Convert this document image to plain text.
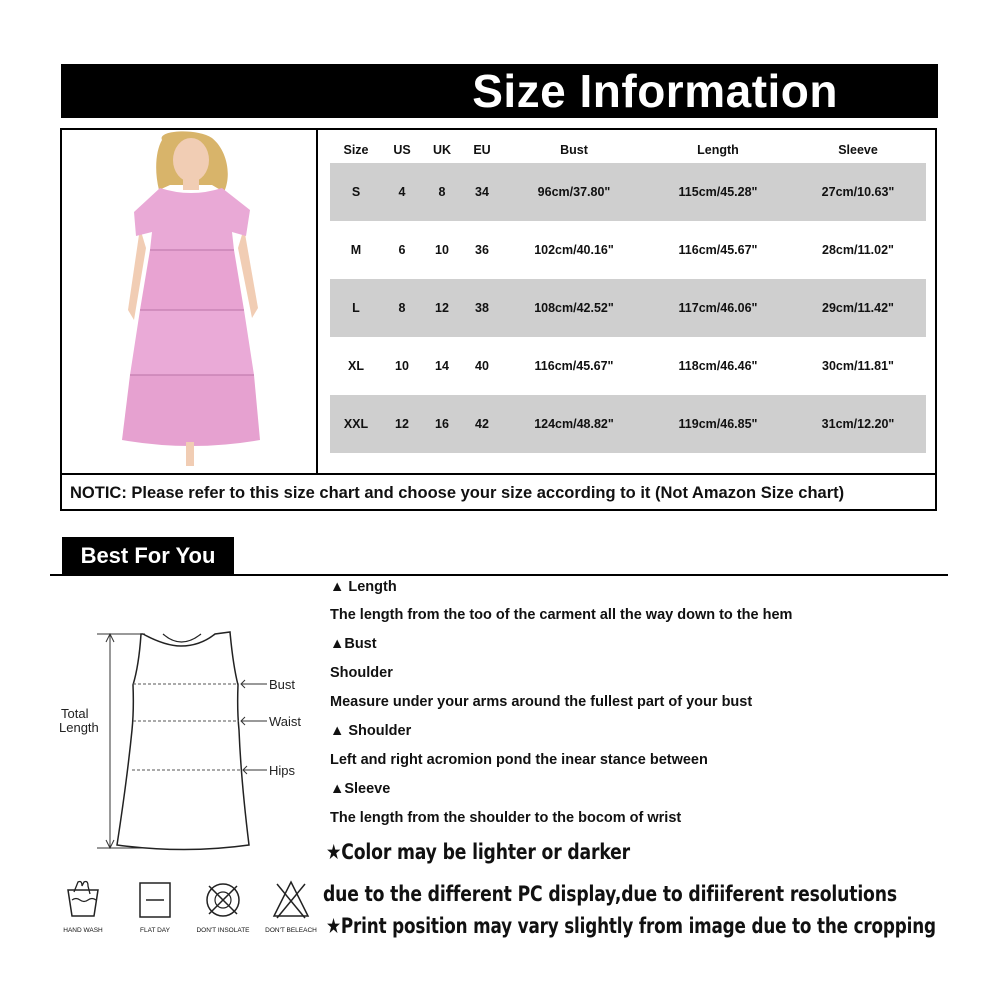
Size Information
NOTIC: Please refer to this size chart and choose your size according to it (Not Amazon Size chart)
Size	US	UK	EU	Bust	Length	Sleeve
S	4	8	34	96cm/37.80"	115cm/45.28"	27cm/10.63"
M	6	10	36	102cm/40.16"	116cm/45.67"	28cm/11.02"
L	8	12	38	108cm/42.52"	117cm/46.06"	29cm/11.42"
XL	10	14	40	116cm/45.67"	118cm/46.46"	30cm/11.81"
XXL	12	16	42	124cm/48.82"	119cm/46.85"	31cm/12.20"
Best For You
Total
Length
Bust
Waist
Hips
▲ Length
The length from the too of the carment all the way down to the hem
▲Bust
Shoulder
Measure under your arms around the fullest part of your bust
▲ Shoulder
Left and right acromion pond the inear stance between
▲Sleeve
The length from the shoulder to the bocom of wrist
★Color may be lighter or darker
due to the different PC display,due to difiiferent resolutions
★Print position may vary slightly from image due to the cropping
HAND WASH	FLAT DAY	DON'T INSOLATE DON'T BELEACH
